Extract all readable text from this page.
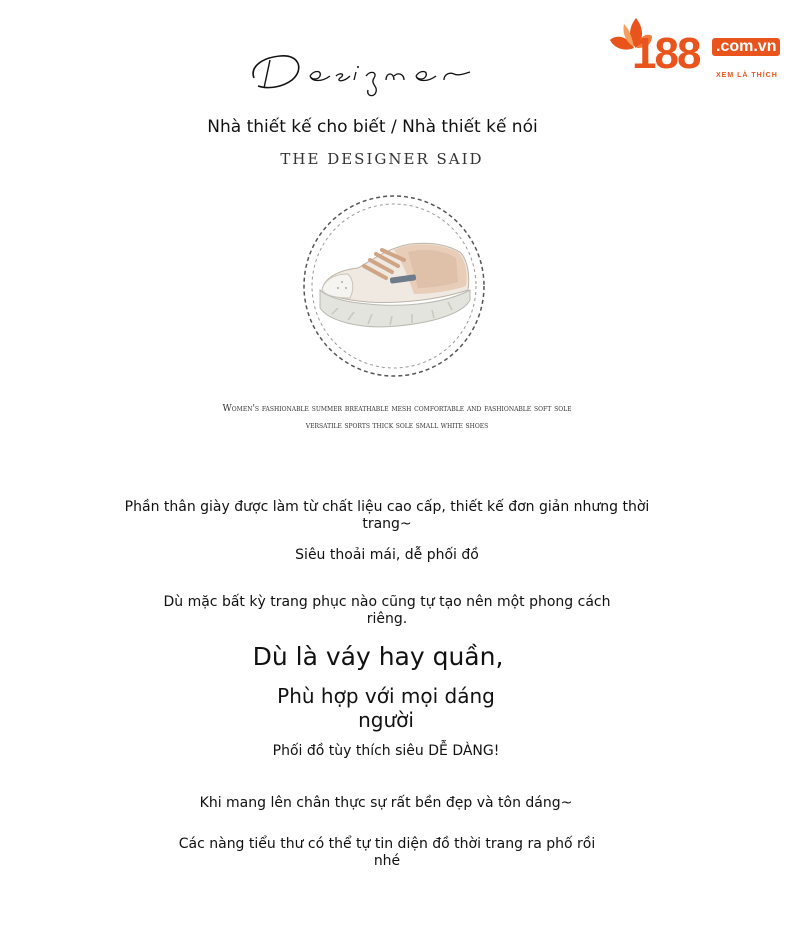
188 .com.vn
XEM LÀ THÍCH
Nhà thiết kế cho biết / Nhà thiết kế nói
THE DESIGNER SAID
Women's fashionable summer breathable mesh comfortable and fashionable soft sole
versatile sports thick sole small white shoes
Phần thân giày được làm từ chất liệu cao cấp, thiết kế đơn giản nhưng thời trang~
Siêu thoải mái, dễ phối đồ
Dù mặc bất kỳ trang phục nào cũng tự tạo nên một phong cách riêng.
Dù là váy hay quần,
Phù hợp với mọi dáng người
Phối đồ tùy thích siêu DỄ DÀNG!
Khi mang lên chân thực sự rất bền đẹp và tôn dáng~
Các nàng tiểu thư có thể tự tin diện đồ thời trang ra phố rồi nhé
